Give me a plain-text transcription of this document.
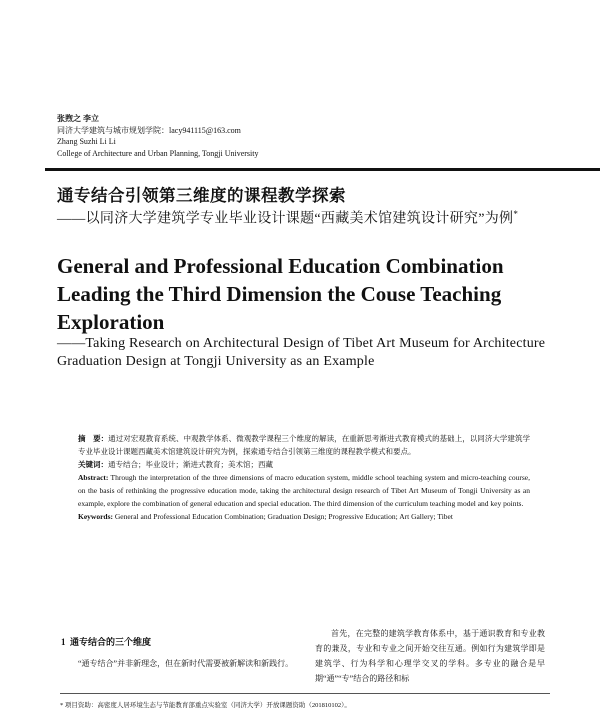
张煦之 李立
同济大学建筑与城市规划学院：lacy941115@163.com
Zhang Suzhi Li Li
College of Architecture and Urban Planning, Tongji University
通专结合引领第三维度的课程教学探索
——以同济大学建筑学专业毕业设计课题“西藏美术馆建筑设计研究”为例*
General and Professional Education Combination Leading the Third Dimension the Couse Teaching Exploration
——Taking Research on Architectural Design of Tibet Art Museum for Architecture Graduation Design at Tongji University as an Example

摘　要：通过对宏观教育系统、中观教学体系、微观教学课程三个维度的解读，在重新思考渐进式教育模式的基础上，以同济大学建筑学专业毕业设计课题西藏美术馆建筑设计研究为例，探索通专结合引领第三维度的课程教学模式和要点。

关键词：通专结合；毕业设计；渐进式教育；美术馆；西藏

Abstract: Through the interpretation of the three dimensions of macro education system, middle school teaching system and micro-teaching course, on the basis of rethinking the progressive education mode, taking the architectural design research of Tibet Art Museum of Tongji University as an example, explore the combination of general education and special education. The third dimension of the curriculum teaching model and key points.

Keywords: General and Professional Education Combination; Graduation Design; Progressive Education; Art Gallery; Tibet

1 通专结合的三个维度
“通专结合”并非新理念，但在新时代需要被新解读和新践行。
首先，在完整的建筑学教育体系中，基于通识教育和专业教育的兼及，专业和专业之间开始交往互通。例如行为建筑学即是建筑学、行为科学和心理学交叉的学科。多专业的融合是早期“通”“专”结合的路径和标
* 项目资助：高密度人居环境生态与节能教育部重点实验室（同济大学）开放课题资助（201810102）。
